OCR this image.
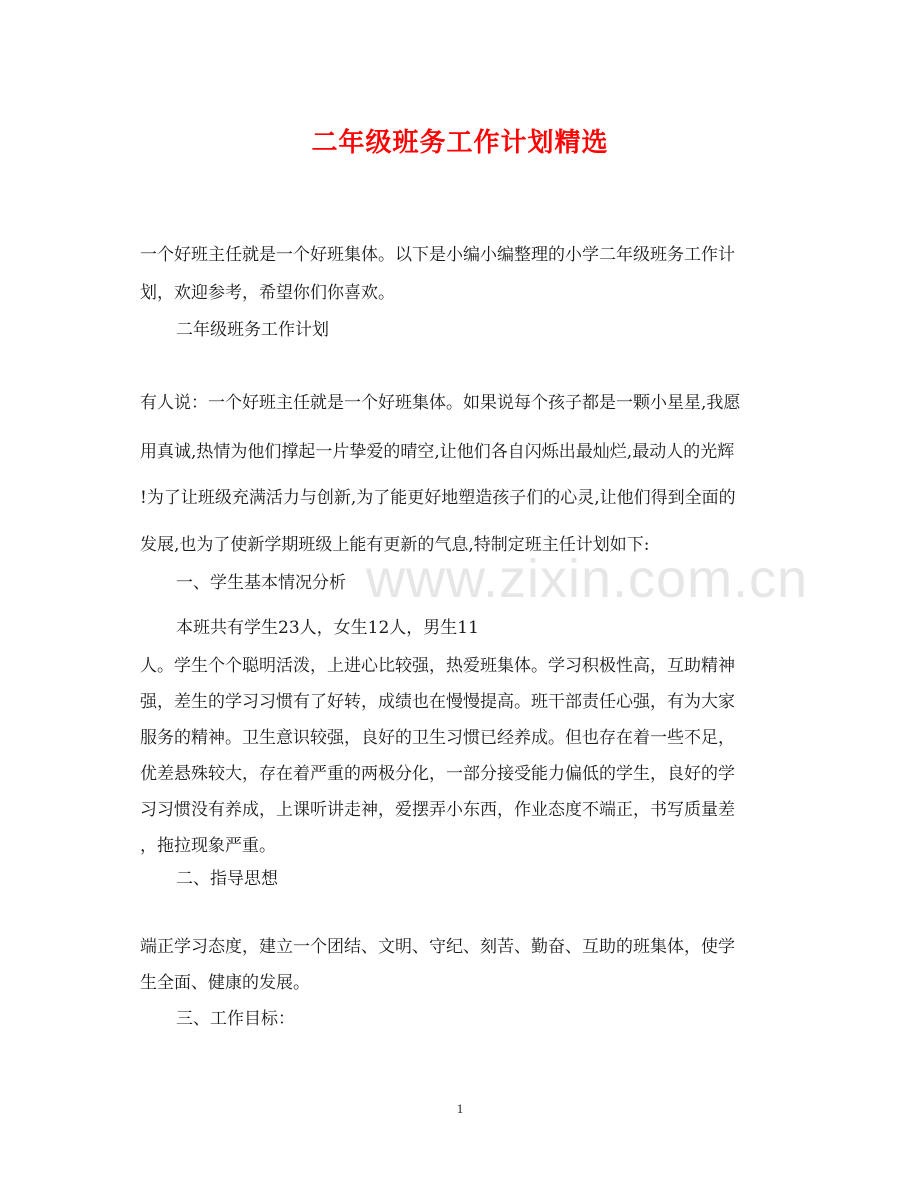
www.zixin.com.cn
二年级班务工作计划精选
一个好班主任就是一个好班集体。以下是小编小编整理的小学二年级班务工作计
划，欢迎参考，希望你们你喜欢。
二年级班务工作计划
有人说：一个好班主任就是一个好班集体。如果说每个孩子都是一颗小星星,我愿
用真诚,热情为他们撑起一片挚爱的晴空,让他们各自闪烁出最灿烂,最动人的光辉
!为了让班级充满活力与创新,为了能更好地塑造孩子们的心灵,让他们得到全面的
发展,也为了使新学期班级上能有更新的气息,特制定班主任计划如下:
一、学生基本情况分析
本班共有学生23人，女生12人，男生11
人。学生个个聪明活泼，上进心比较强，热爱班集体。学习积极性高，互助精神
强，差生的学习习惯有了好转，成绩也在慢慢提高。班干部责任心强，有为大家
服务的精神。卫生意识较强，良好的卫生习惯已经养成。但也存在着一些不足，
优差悬殊较大，存在着严重的两极分化，一部分接受能力偏低的学生，良好的学
习习惯没有养成，上课听讲走神，爱摆弄小东西，作业态度不端正，书写质量差
，拖拉现象严重。
二、指导思想
端正学习态度，建立一个团结、文明、守纪、刻苦、勤奋、互助的班集体，使学
生全面、健康的发展。
三、工作目标：
1
